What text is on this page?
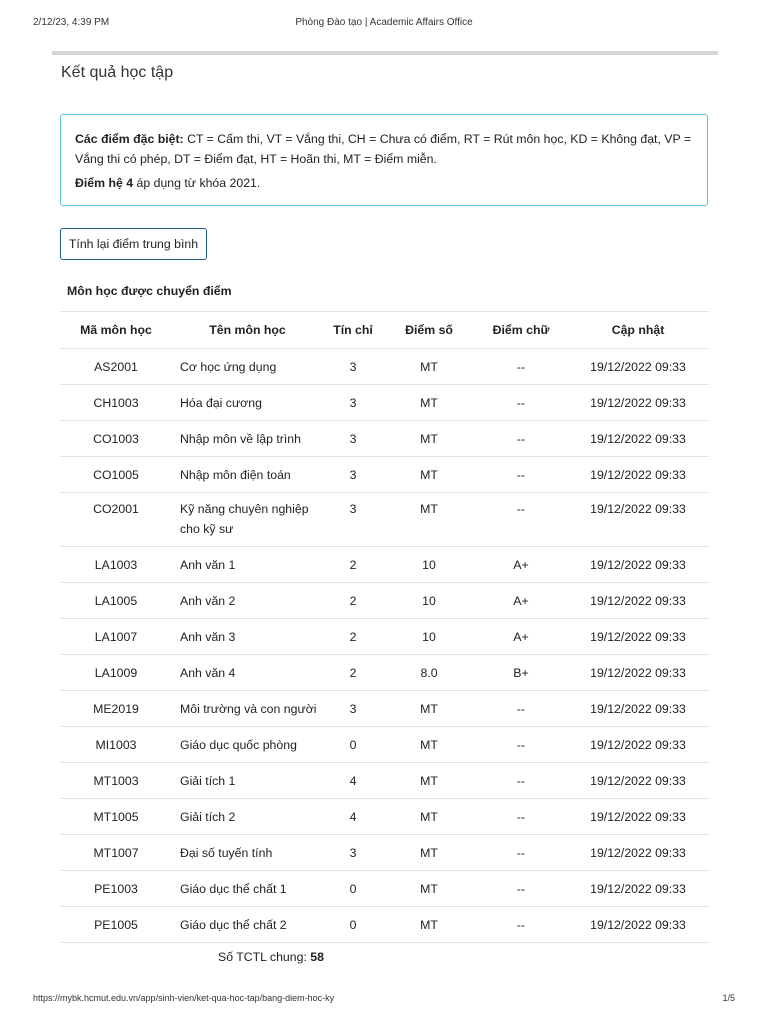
2/12/23, 4:39 PM	Phòng Đào tạo | Academic Affairs Office
Kết quả học tập
Các điểm đặc biệt: CT = Cấm thi, VT = Vắng thi, CH = Chưa có điểm, RT = Rút môn học, KD = Không đạt, VP = Vắng thi có phép, DT = Điểm đạt, HT = Hoãn thi, MT = Điểm miễn.
Điểm hệ 4 áp dụng từ khóa 2021.
Tính lại điểm trung bình
Môn học được chuyển điểm
Mã môn học	Tên môn học	Tín chỉ	Điểm số	Điểm chữ	Cập nhật
AS2001	Cơ học ứng dụng	3	MT	--	19/12/2022 09:33
CH1003	Hóa đại cương	3	MT	--	19/12/2022 09:33
CO1003	Nhập môn về lập trình	3	MT	--	19/12/2022 09:33
CO1005	Nhập môn điện toán	3	MT	--	19/12/2022 09:33
CO2001	Kỹ năng chuyên nghiệp cho kỹ sư	3	MT	--	19/12/2022 09:33
LA1003	Anh văn 1	2	10	A+	19/12/2022 09:33
LA1005	Anh văn 2	2	10	A+	19/12/2022 09:33
LA1007	Anh văn 3	2	10	A+	19/12/2022 09:33
LA1009	Anh văn 4	2	8.0	B+	19/12/2022 09:33
ME2019	Môi trường và con người	3	MT	--	19/12/2022 09:33
MI1003	Giáo dục quốc phòng	0	MT	--	19/12/2022 09:33
MT1003	Giải tích 1	4	MT	--	19/12/2022 09:33
MT1005	Giải tích 2	4	MT	--	19/12/2022 09:33
MT1007	Đại số tuyến tính	3	MT	--	19/12/2022 09:33
PE1003	Giáo dục thể chất 1	0	MT	--	19/12/2022 09:33
PE1005	Giáo dục thể chất 2	0	MT	--	19/12/2022 09:33
Số TCTL chung: 58
https://mybk.hcmut.edu.vn/app/sinh-vien/ket-qua-hoc-tap/bang-diem-hoc-ky	1/5
